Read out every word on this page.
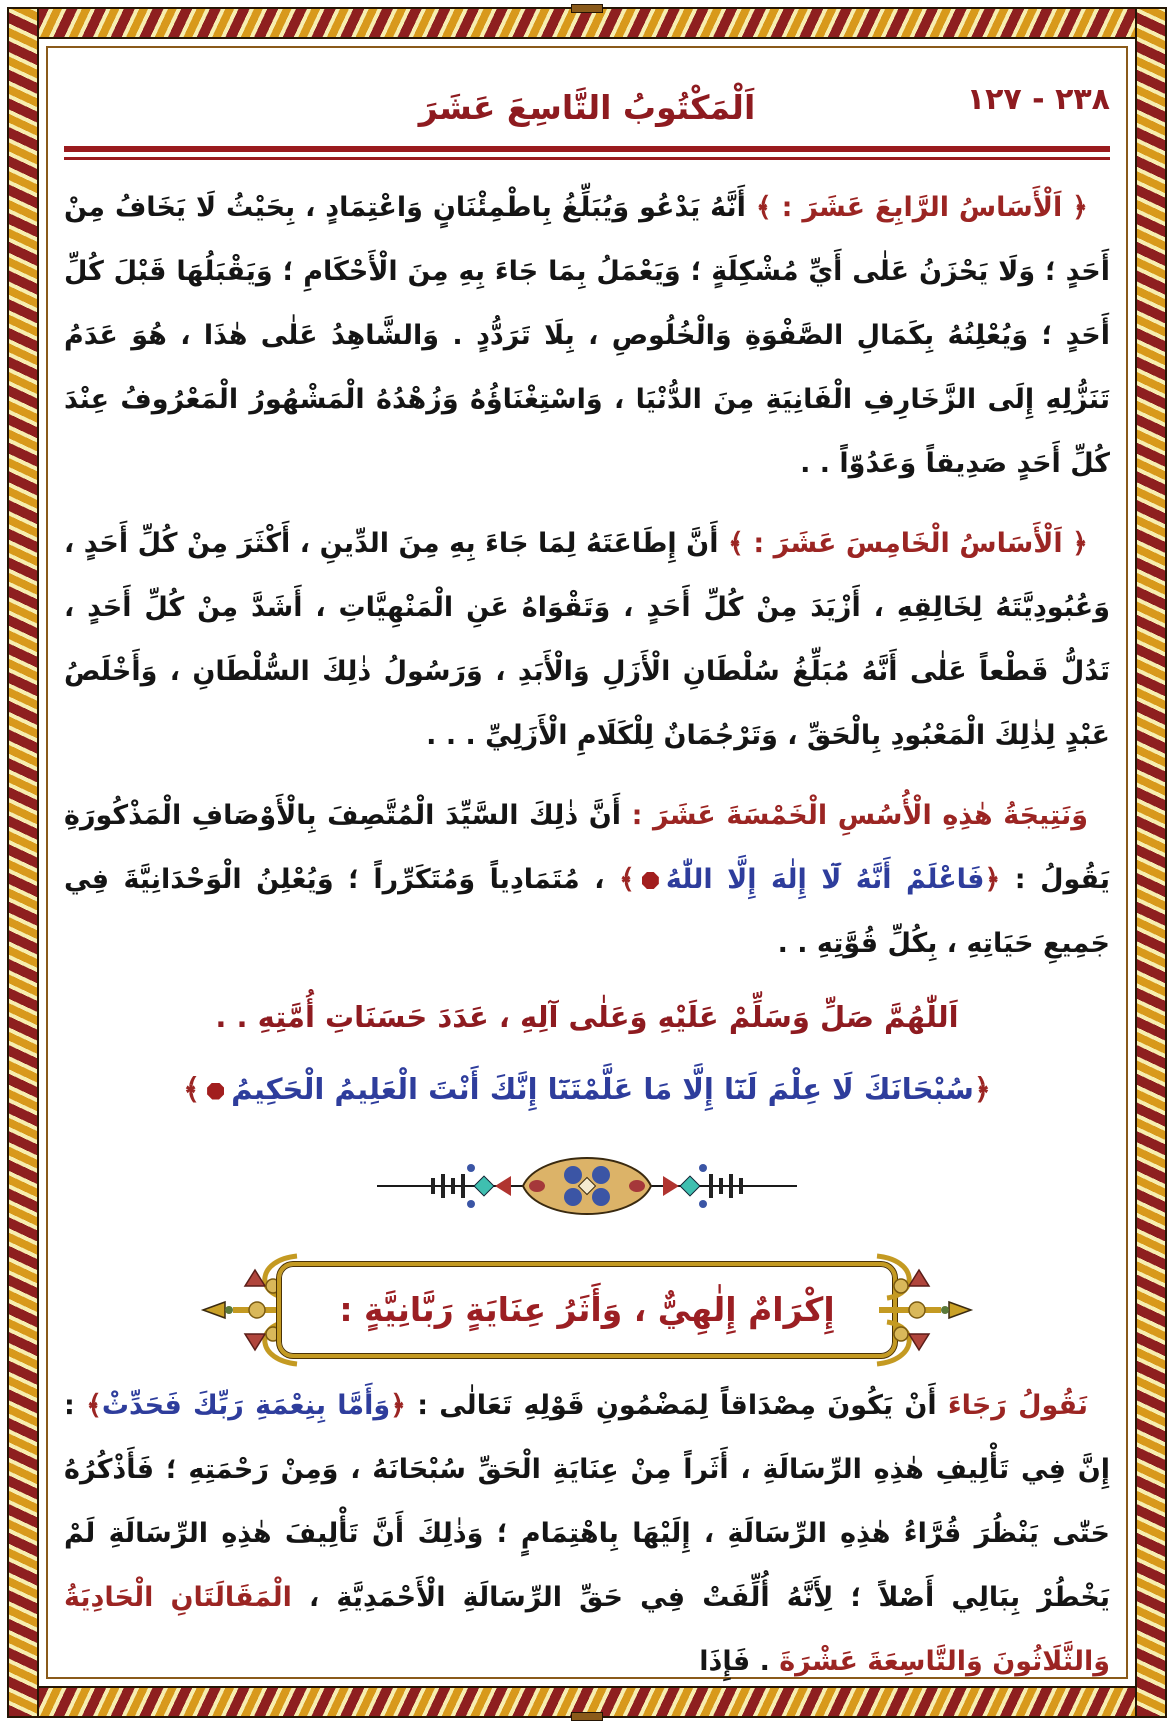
٢٣٨ - ١٢٧
اَلْمَكْتُوبُ التَّاسِعَ عَشَرَ

﴿ اَلْأَسَاسُ الرَّابِعَ عَشَرَ : ﴾ أَنَّهُ يَدْعُو وَيُبَلِّغُ بِاطْمِئْنَانٍ وَاعْتِمَادٍ ، بِحَيْثُ لَا يَخَافُ مِنْ أَحَدٍ ؛ وَلَا يَحْزَنُ عَلٰى أَيِّ مُشْكِلَةٍ ؛ وَيَعْمَلُ بِمَا جَاءَ بِهِ مِنَ الْأَحْكَامِ ؛ وَيَقْبَلُهَا قَبْلَ كُلِّ أَحَدٍ ؛ وَيُعْلِنُهُ بِكَمَالِ الصَّفْوَةِ وَالْخُلُوصِ ، بِلَا تَرَدُّدٍ . وَالشَّاهِدُ عَلٰى هٰذَا ، هُوَ عَدَمُ تَنَزُّلِهِ إِلَى الزَّخَارِفِ الْفَانِيَةِ مِنَ الدُّنْيَا ، وَاسْتِغْنَاؤُهُ وَزُهْدُهُ الْمَشْهُورُ الْمَعْرُوفُ عِنْدَ كُلِّ أَحَدٍ صَدِيقاً وَعَدُوّاً . .

﴿ اَلْأَسَاسُ الْخَامِسَ عَشَرَ : ﴾ أَنَّ إِطَاعَتَهُ لِمَا جَاءَ بِهِ مِنَ الدِّينِ ، أَكْثَرَ مِنْ كُلِّ أَحَدٍ ، وَعُبُودِيَّتَهُ لِخَالِقِهِ ، أَزْيَدَ مِنْ كُلِّ أَحَدٍ ، وَتَقْوَاهُ عَنِ الْمَنْهِيَّاتِ ، أَشَدَّ مِنْ كُلِّ أَحَدٍ ، تَدُلُّ قَطْعاً عَلٰى أَنَّهُ مُبَلِّغُ سُلْطَانِ الْأَزَلِ وَالْأَبَدِ ، وَرَسُولُ ذٰلِكَ السُّلْطَانِ ، وَأَخْلَصُ عَبْدٍ لِذٰلِكَ الْمَعْبُودِ بِالْحَقِّ ، وَتَرْجُمَانٌ لِلْكَلَامِ الْأَزَلِيِّ . . .

وَنَتِيجَةُ هٰذِهِ الْأُسُسِ الْخَمْسَةَ عَشَرَ : أَنَّ ذٰلِكَ السَّيِّدَ الْمُتَّصِفَ بِالْأَوْصَافِ الْمَذْكُورَةِ يَقُولُ : ﴿فَاعْلَمْ أَنَّهُ لَٓا إِلٰهَ إِلَّا اللّٰهُ﴾ ، مُتَمَادِياً وَمُتَكَرِّراً ؛ وَيُعْلِنُ الْوَحْدَانِيَّةَ فِي جَمِيعِ حَيَاتِهِ ، بِكُلِّ قُوَّتِهِ . .

اَللّٰهُمَّ صَلِّ وَسَلِّمْ عَلَيْهِ وَعَلٰى آلِهِ ، عَدَدَ حَسَنَاتِ أُمَّتِهِ . .
﴿سُبْحَانَكَ لَا عِلْمَ لَنَٓا إِلَّا مَا عَلَّمْتَنَٓا إِنَّكَ أَنْتَ الْعَلِيمُ الْحَكِيمُ﴾
إِكْرَامٌ إِلٰهِيٌّ ، وَأَثَرُ عِنَايَةٍ رَبَّانِيَّةٍ :

نَقُولُ رَجَاءَ أَنْ يَكُونَ مِصْدَاقاً لِمَضْمُونِ قَوْلِهِ تَعَالٰى : ﴿وَأَمَّا بِنِعْمَةِ رَبِّكَ فَحَدِّثْ﴾ : إِنَّ فِي تَأْلِيفِ هٰذِهِ الرِّسَالَةِ ، أَثَراً مِنْ عِنَايَةِ الْحَقِّ سُبْحَانَهُ ، وَمِنْ رَحْمَتِهِ ؛ فَأَذْكُرُهُ حَتّٰى يَنْظُرَ قُرَّاءُ هٰذِهِ الرِّسَالَةِ ، إِلَيْهَا بِاهْتِمَامٍ ؛ وَذٰلِكَ أَنَّ تَأْلِيفَ هٰذِهِ الرِّسَالَةِ لَمْ يَخْطُرْ بِبَالِي أَصْلاً ؛ لِأَنَّهُ أُلِّفَتْ فِي حَقِّ الرِّسَالَةِ الْأَحْمَدِيَّةِ ، الْمَقَالَتَانِ الْحَادِيَةُ وَالثَّلَاثُونَ وَالتَّاسِعَةَ عَشْرَةَ . فَإِذَا
